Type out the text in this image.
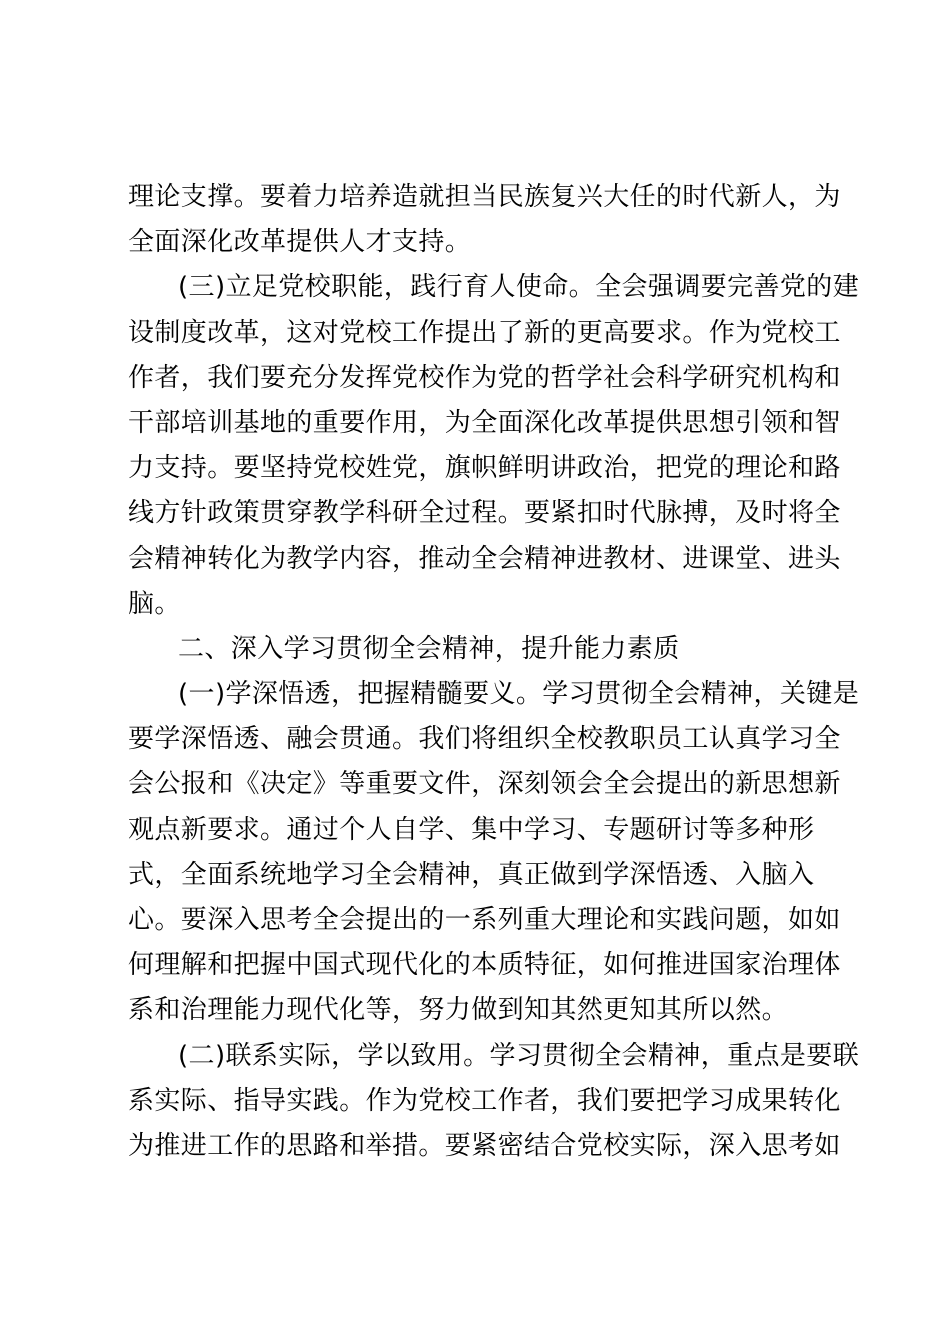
理论支撑。要着力培养造就担当民族复兴大任的时代新人，为
全面深化改革提供人才支持。
(三)立足党校职能，践行育人使命。全会强调要完善党的建
设制度改革，这对党校工作提出了新的更高要求。作为党校工
作者，我们要充分发挥党校作为党的哲学社会科学研究机构和
干部培训基地的重要作用，为全面深化改革提供思想引领和智
力支持。要坚持党校姓党，旗帜鲜明讲政治，把党的理论和路
线方针政策贯穿教学科研全过程。要紧扣时代脉搏，及时将全
会精神转化为教学内容，推动全会精神进教材、进课堂、进头
脑。
二、深入学习贯彻全会精神，提升能力素质
(一)学深悟透，把握精髓要义。学习贯彻全会精神，关键是
要学深悟透、融会贯通。我们将组织全校教职员工认真学习全
会公报和《决定》等重要文件，深刻领会全会提出的新思想新
观点新要求。通过个人自学、集中学习、专题研讨等多种形
式，全面系统地学习全会精神，真正做到学深悟透、入脑入
心。要深入思考全会提出的一系列重大理论和实践问题，如如
何理解和把握中国式现代化的本质特征，如何推进国家治理体
系和治理能力现代化等，努力做到知其然更知其所以然。
(二)联系实际，学以致用。学习贯彻全会精神，重点是要联
系实际、指导实践。作为党校工作者，我们要把学习成果转化
为推进工作的思路和举措。要紧密结合党校实际，深入思考如
